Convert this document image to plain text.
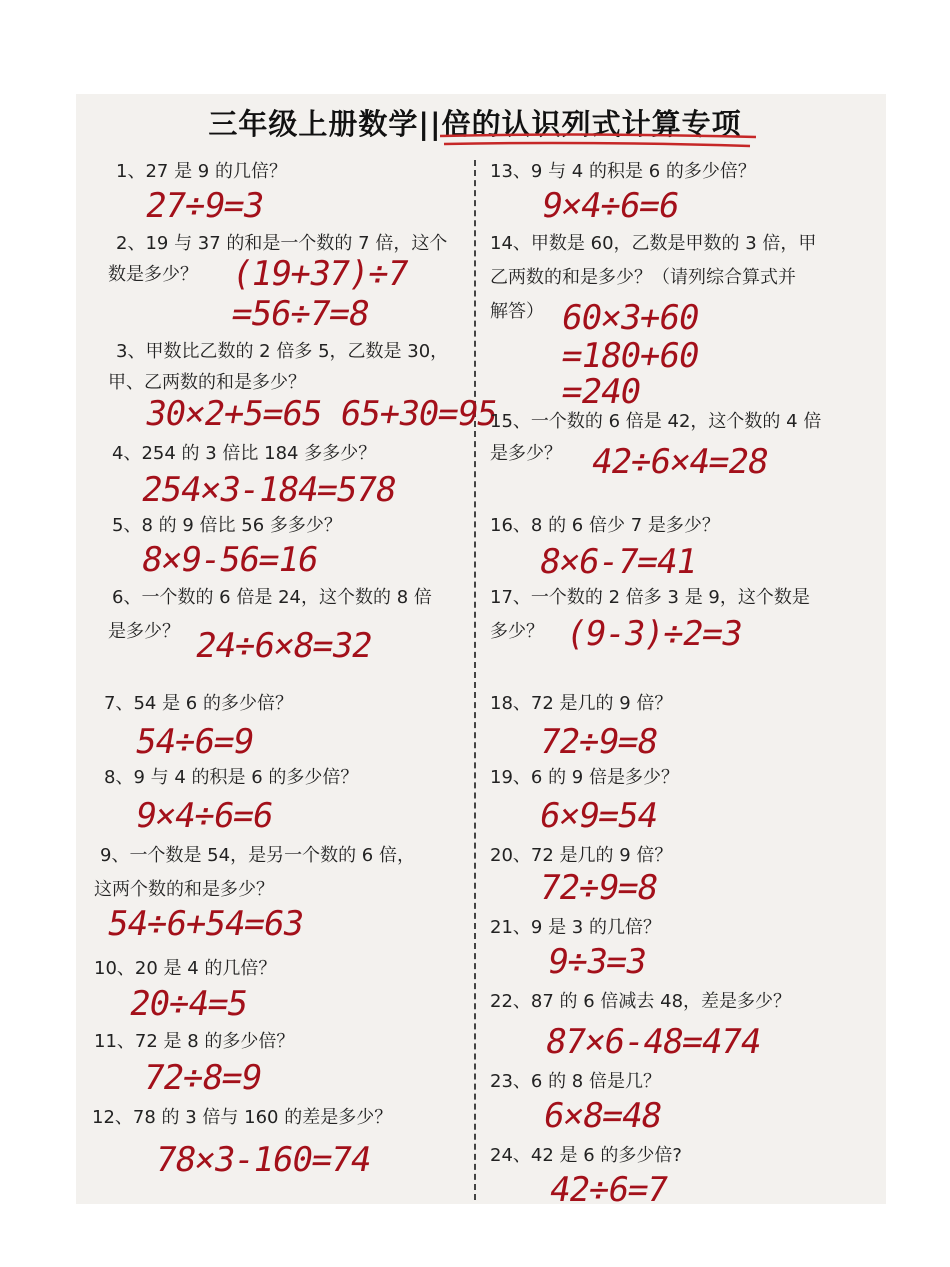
三年级上册数学||倍的认识列式计算专项
1、27 是 9 的几倍？
27÷9=3
2、19 与 37 的和是一个数的 7 倍，这个
数是多少？ (19+37)÷7
=56÷7=8
3、甲数比乙数的 2 倍多 5，乙数是 30，
甲、乙两数的和是多少？
30×2+5=65 65+30=95
4、254 的 3 倍比 184 多多少？
254×3-184=578
5、8 的 9 倍比 56 多多少？
8×9-56=16
6、一个数的 6 倍是 24，这个数的 8 倍
是多少？ 24÷6×8=32
7、54 是 6 的多少倍？
54÷6=9
8、9 与 4 的积是 6 的多少倍？
9×4÷6=6
9、一个数是 54，是另一个数的 6 倍，
这两个数的和是多少？
54÷6+54=63
10、20 是 4 的几倍？
20÷4=5
11、72 是 8 的多少倍？
72÷8=9
12、78 的 3 倍与 160 的差是多少？
78×3-160=74
13、9 与 4 的积是 6 的多少倍？
9×4÷6=6
14、甲数是 60，乙数是甲数的 3 倍，甲
乙两数的和是多少？（请列综合算式并
解答） 60×3+60
=180+60
=240
15、一个数的 6 倍是 42，这个数的 4 倍
是多少？ 42÷6×4=28
16、8 的 6 倍少 7 是多少？
8×6-7=41
17、一个数的 2 倍多 3 是 9，这个数是
多少？ (9-3)÷2=3
18、72 是几的 9 倍？
72÷9=8
19、6 的 9 倍是多少？
6×9=54
20、72 是几的 9 倍？
72÷9=8
21、9 是 3 的几倍？
9÷3=3
22、87 的 6 倍减去 48，差是多少？
87×6-48=474
23、6 的 8 倍是几？
6×8=48
24、42 是 6 的多少倍?
42÷6=7
